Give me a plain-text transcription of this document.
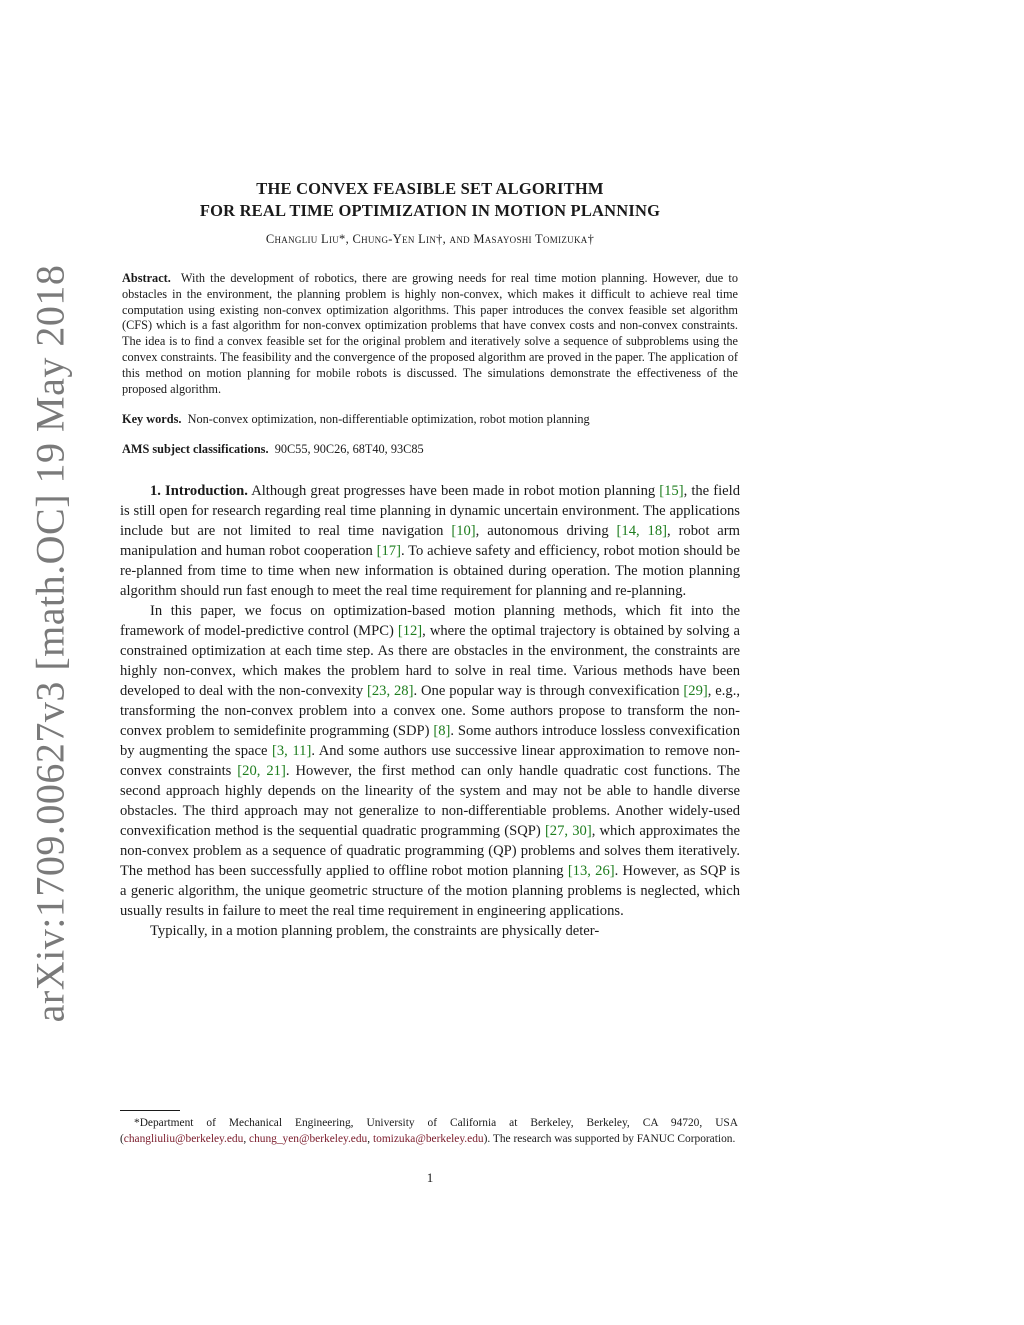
arXiv:1709.00627v3 [math.OC] 19 May 2018
THE CONVEX FEASIBLE SET ALGORITHM
FOR REAL TIME OPTIMIZATION IN MOTION PLANNING
Changliu Liu*, Chung-Yen Lin†, and Masayoshi Tomizuka†
Abstract. With the development of robotics, there are growing needs for real time motion planning. However, due to obstacles in the environment, the planning problem is highly non-convex, which makes it difficult to achieve real time computation using existing non-convex optimization algorithms. This paper introduces the convex feasible set algorithm (CFS) which is a fast algorithm for non-convex optimization problems that have convex costs and non-convex constraints. The idea is to find a convex feasible set for the original problem and iteratively solve a sequence of subproblems using the convex constraints. The feasibility and the convergence of the proposed algorithm are proved in the paper. The application of this method on motion planning for mobile robots is discussed. The simulations demonstrate the effectiveness of the proposed algorithm.
Key words. Non-convex optimization, non-differentiable optimization, robot motion planning
AMS subject classifications. 90C55, 90C26, 68T40, 93C85

1. Introduction. Although great progresses have been made in robot motion planning [15], the field is still open for research regarding real time planning in dynamic uncertain environment. The applications include but are not limited to real time navigation [10], autonomous driving [14, 18], robot arm manipulation and human robot cooperation [17]. To achieve safety and efficiency, robot motion should be re-planned from time to time when new information is obtained during operation. The motion planning algorithm should run fast enough to meet the real time requirement for planning and re-planning.

In this paper, we focus on optimization-based motion planning methods, which fit into the framework of model-predictive control (MPC) [12], where the optimal trajectory is obtained by solving a constrained optimization at each time step. As there are obstacles in the environment, the constraints are highly non-convex, which makes the problem hard to solve in real time. Various methods have been developed to deal with the non-convexity [23, 28]. One popular way is through convexification [29], e.g., transforming the non-convex problem into a convex one. Some authors propose to transform the non-convex problem to semidefinite programming (SDP) [8]. Some authors introduce lossless convexification by augmenting the space [3, 11]. And some authors use successive linear approximation to remove non-convex constraints [20, 21]. However, the first method can only handle quadratic cost functions. The second approach highly depends on the linearity of the system and may not be able to handle diverse obstacles. The third approach may not generalize to non-differentiable problems. Another widely-used convexification method is the sequential quadratic programming (SQP) [27, 30], which approximates the non-convex problem as a sequence of quadratic programming (QP) problems and solves them iteratively. The method has been successfully applied to offline robot motion planning [13, 26]. However, as SQP is a generic algorithm, the unique geometric structure of the motion planning problems is neglected, which usually results in failure to meet the real time requirement in engineering applications.

Typically, in a motion planning problem, the constraints are physically deter-

*Department of Mechanical Engineering, University of California at Berkeley, Berkeley, CA 94720, USA (changliuliu@berkeley.edu, chung_yen@berkeley.edu, tomizuka@berkeley.edu). The research was supported by FANUC Corporation.
1
